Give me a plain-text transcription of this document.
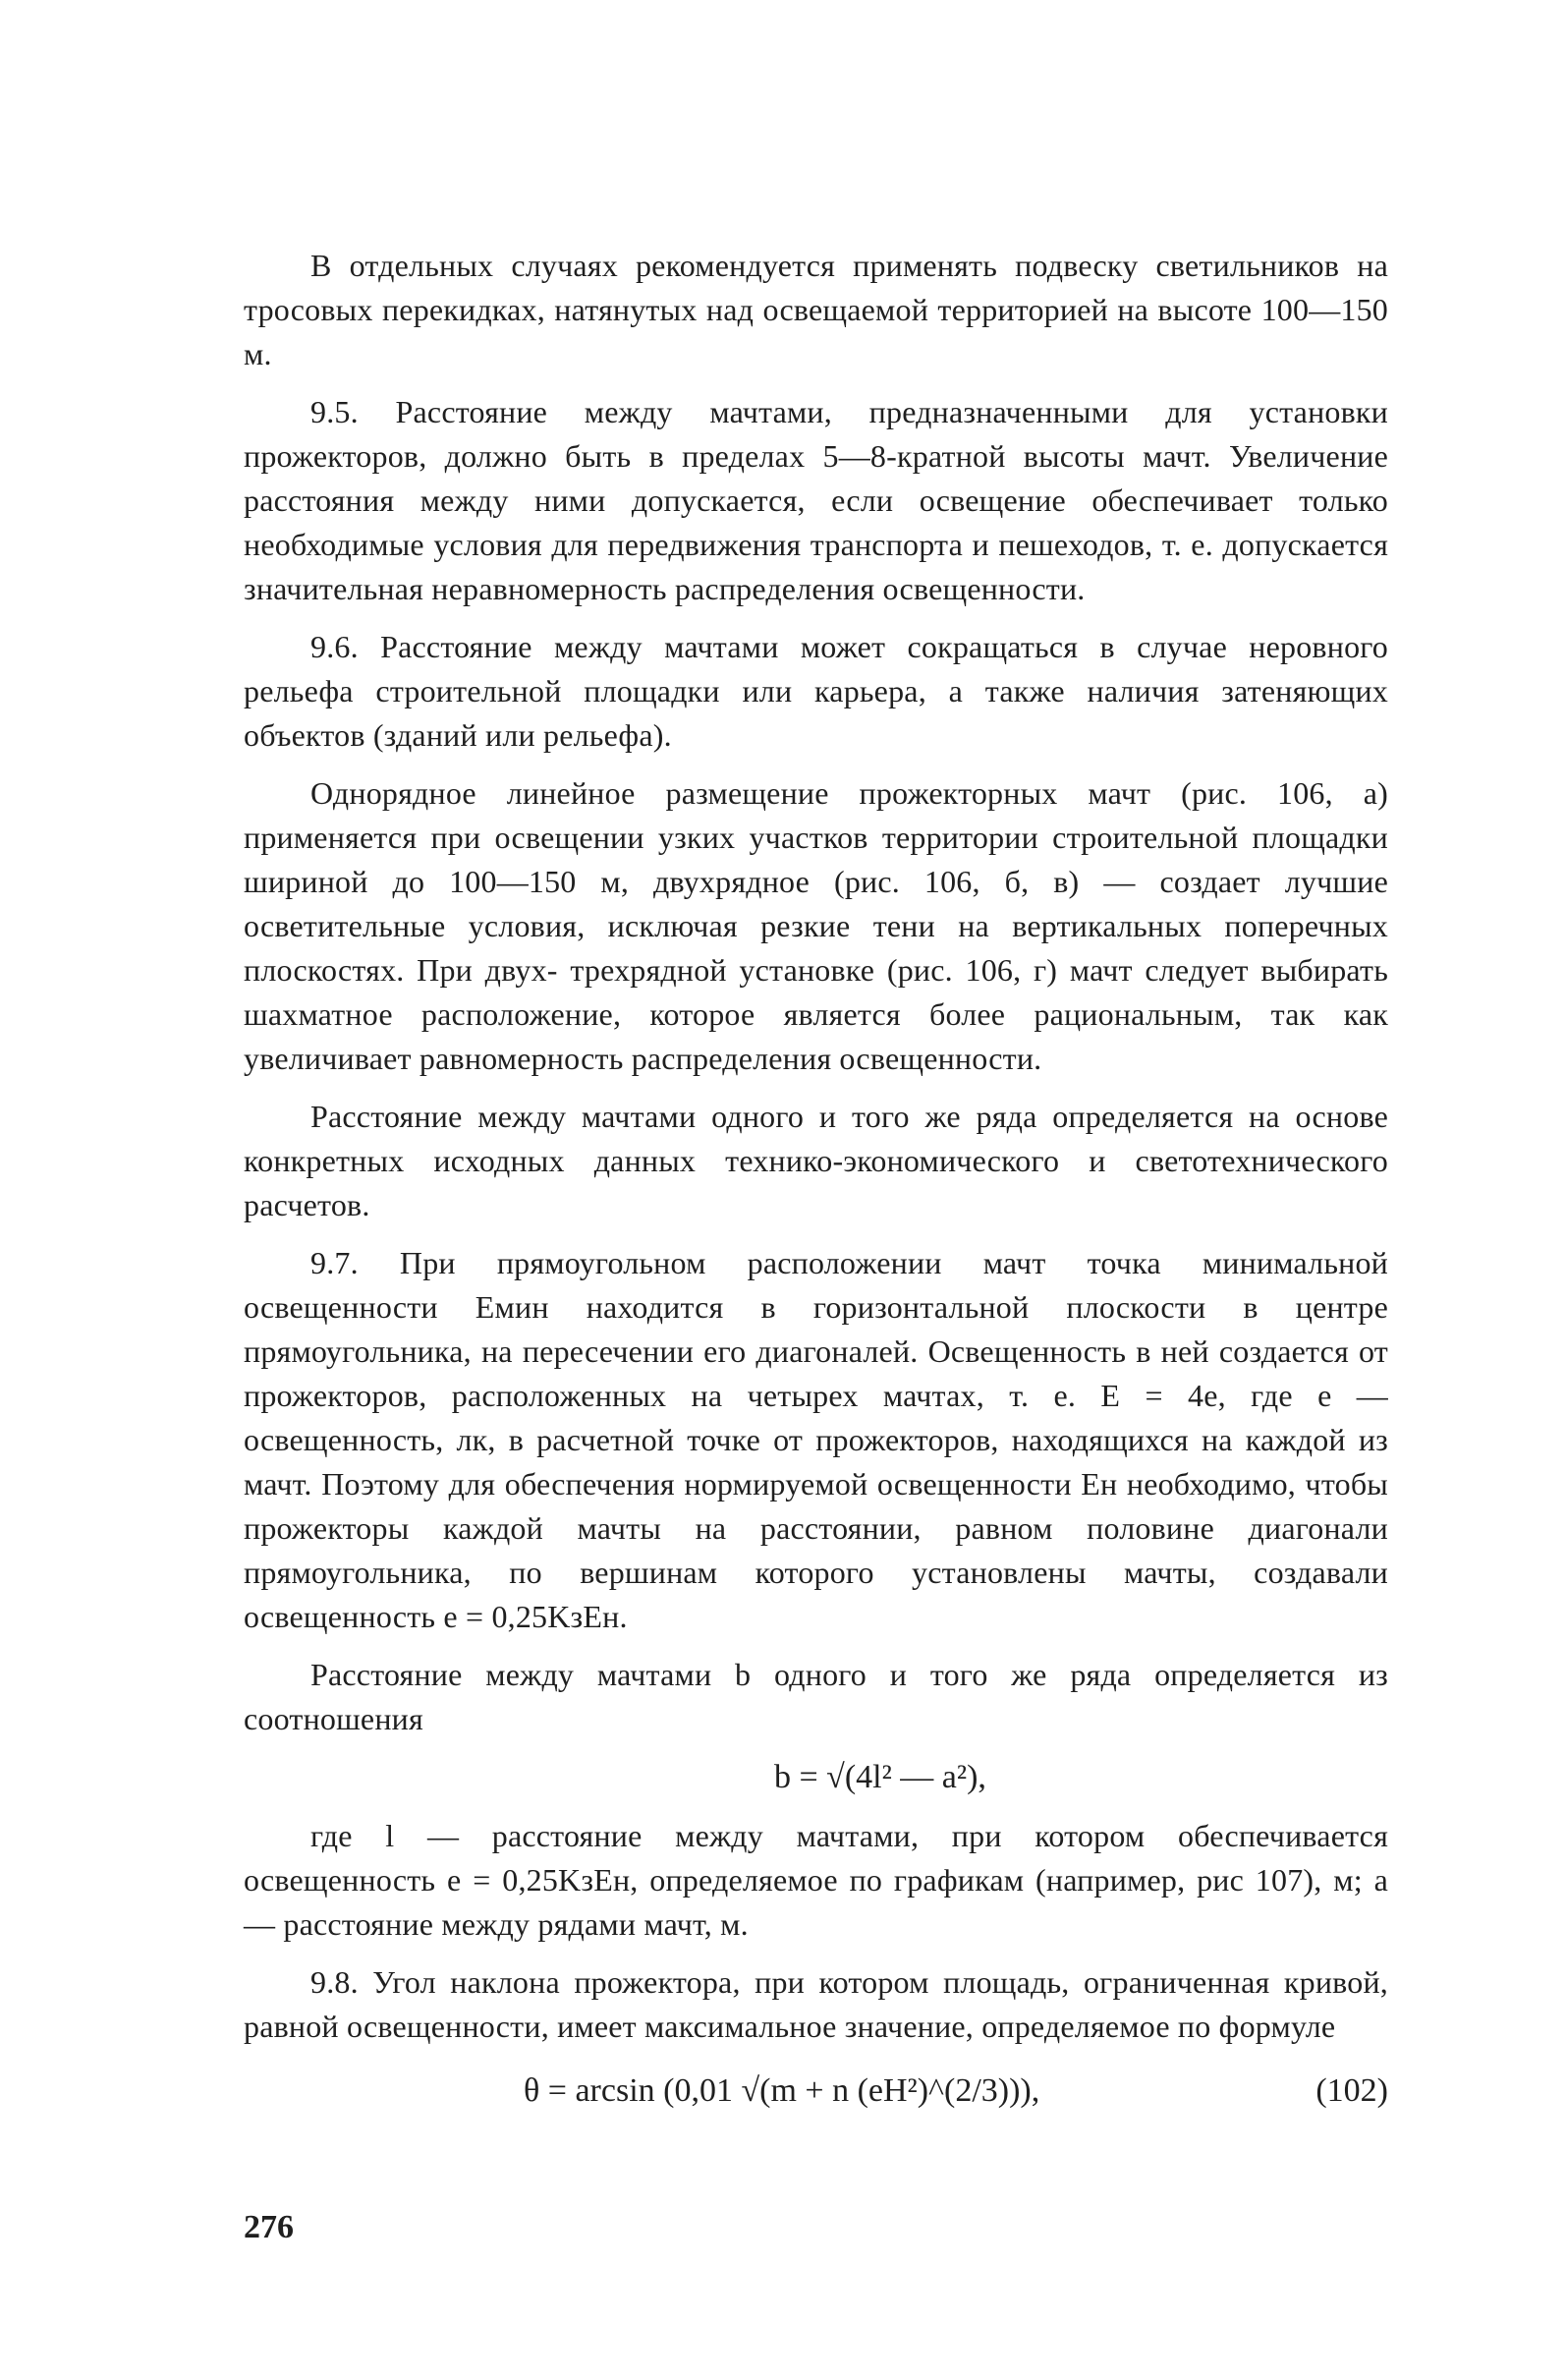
В отдельных случаях рекомендуется применять подвеску светильников на тросовых перекидках, натянутых над освещаемой территорией на высоте 100—150 м.

9.5. Расстояние между мачтами, предназначенными для установки прожекторов, должно быть в пределах 5—8-кратной высоты мачт. Увеличение расстояния между ними допускается, если освещение обеспечивает только необходимые условия для передвижения транспорта и пешеходов, т. е. допускается значительная неравномерность распределения освещенности.

9.6. Расстояние между мачтами может сокращаться в случае неровного рельефа строительной площадки или карьера, а также наличия затеняющих объектов (зданий или рельефа).

Однорядное линейное размещение прожекторных мачт (рис. 106, а) применяется при освещении узких участков территории строительной площадки шириной до 100—150 м, двухрядное (рис. 106, б, в) — создает лучшие осветительные условия, исключая резкие тени на вертикальных поперечных плоскостях. При двух- трехрядной установке (рис. 106, г) мачт следует выбирать шахматное расположение, которое является более рациональным, так как увеличивает равномерность распределения освещенности.

Расстояние между мачтами одного и того же ряда определяется на основе конкретных исходных данных технико-экономического и светотехнического расчетов.

9.7. При прямоугольном расположении мачт точка минимальной освещенности Eмин находится в горизонтальной плоскости в центре прямоугольника, на пересечении его диагоналей. Освещенность в ней создается от прожекторов, расположенных на четырех мачтах, т. е. E = 4e, где e — освещенность, лк, в расчетной точке от прожекторов, находящихся на каждой из мачт. Поэтому для обеспечения нормируемой освещенности Eн необходимо, чтобы прожекторы каждой мачты на расстоянии, равном половине диагонали прямоугольника, по вершинам которого установлены мачты, создавали освещенность e = 0,25KзEн.

Расстояние между мачтами b одного и того же ряда определяется из соотношения

b = √(4l² — a²),

где l — расстояние между мачтами, при котором обеспечивается освещенность e = 0,25KзEн, определяемое по графикам (например, рис 107), м; a — расстояние между рядами мачт, м.

9.8. Угол наклона прожектора, при котором площадь, ограниченная кривой, равной освещенности, имеет максимальное значение, определяемое по формуле

θ = arcsin (0,01 √(m + n (eH²)^(2/3))),	(102)
276
